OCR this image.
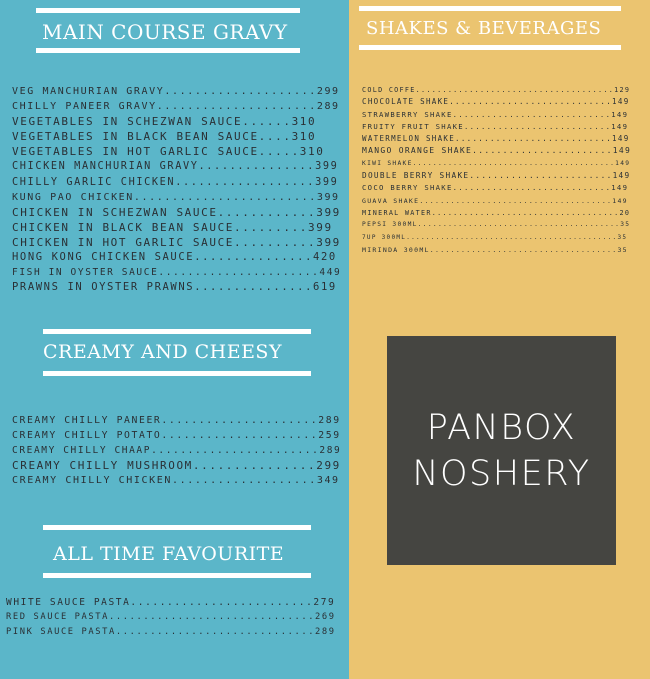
MAIN COURSE GRAVY
VEG MANCHURIAN GRAVY....................299
CHILLY PANEER GRAVY.....................289
VEGETABLES IN SCHEZWAN SAUCE......310
VEGETABLES IN BLACK BEAN SAUCE....310
VEGETABLES IN HOT GARLIC SAUCE.....310
CHICKEN MANCHURIAN GRAVY...............399
CHILLY GARLIC CHICKEN..................399
KUNG PAO CHICKEN........................399
CHICKEN IN SCHEZWAN SAUCE............399
CHICKEN IN BLACK BEAN SAUCE.........399
CHICKEN IN HOT GARLIC SAUCE..........399
HONG KONG CHICKEN SAUCE...............420
FISH IN OYSTER SAUCE......................449
PRAWNS IN OYSTER PRAWNS...............619
CREAMY AND CHEESY
CREAMY CHILLY PANEER.....................289
CREAMY CHILLY POTATO.....................259
CREAMY CHILLY CHAAP.......................289
CREAMY CHILLY MUSHROOM...............299
CREAMY CHILLY CHICKEN...................349
ALL TIME FAVOURITE
WHITE SAUCE PASTA.........................279
RED SAUCE PASTA..............................269
PINK SAUCE PASTA.............................289
SHAKES & BEVERAGES
COLD COFFE.....................................129
CHOCOLATE SHAKE............................149
STRAWBERRY SHAKE............................149
FRUITY FRUIT SHAKE..........................149
WATERMELON SHAKE...........................149
MANGO ORANGE SHAKE.......................149
KIWI SHAKE........................................149
DOUBLE BERRY SHAKE........................149
COCO BERRY SHAKE............................149
GUAVA SHAKE.....................................149
MINERAL WATER...................................20
PEPSI 300ML........................................35
7UP 300ML...........................................35
MIRINDA 300ML....................................35
PANBOX
NOSHERY
